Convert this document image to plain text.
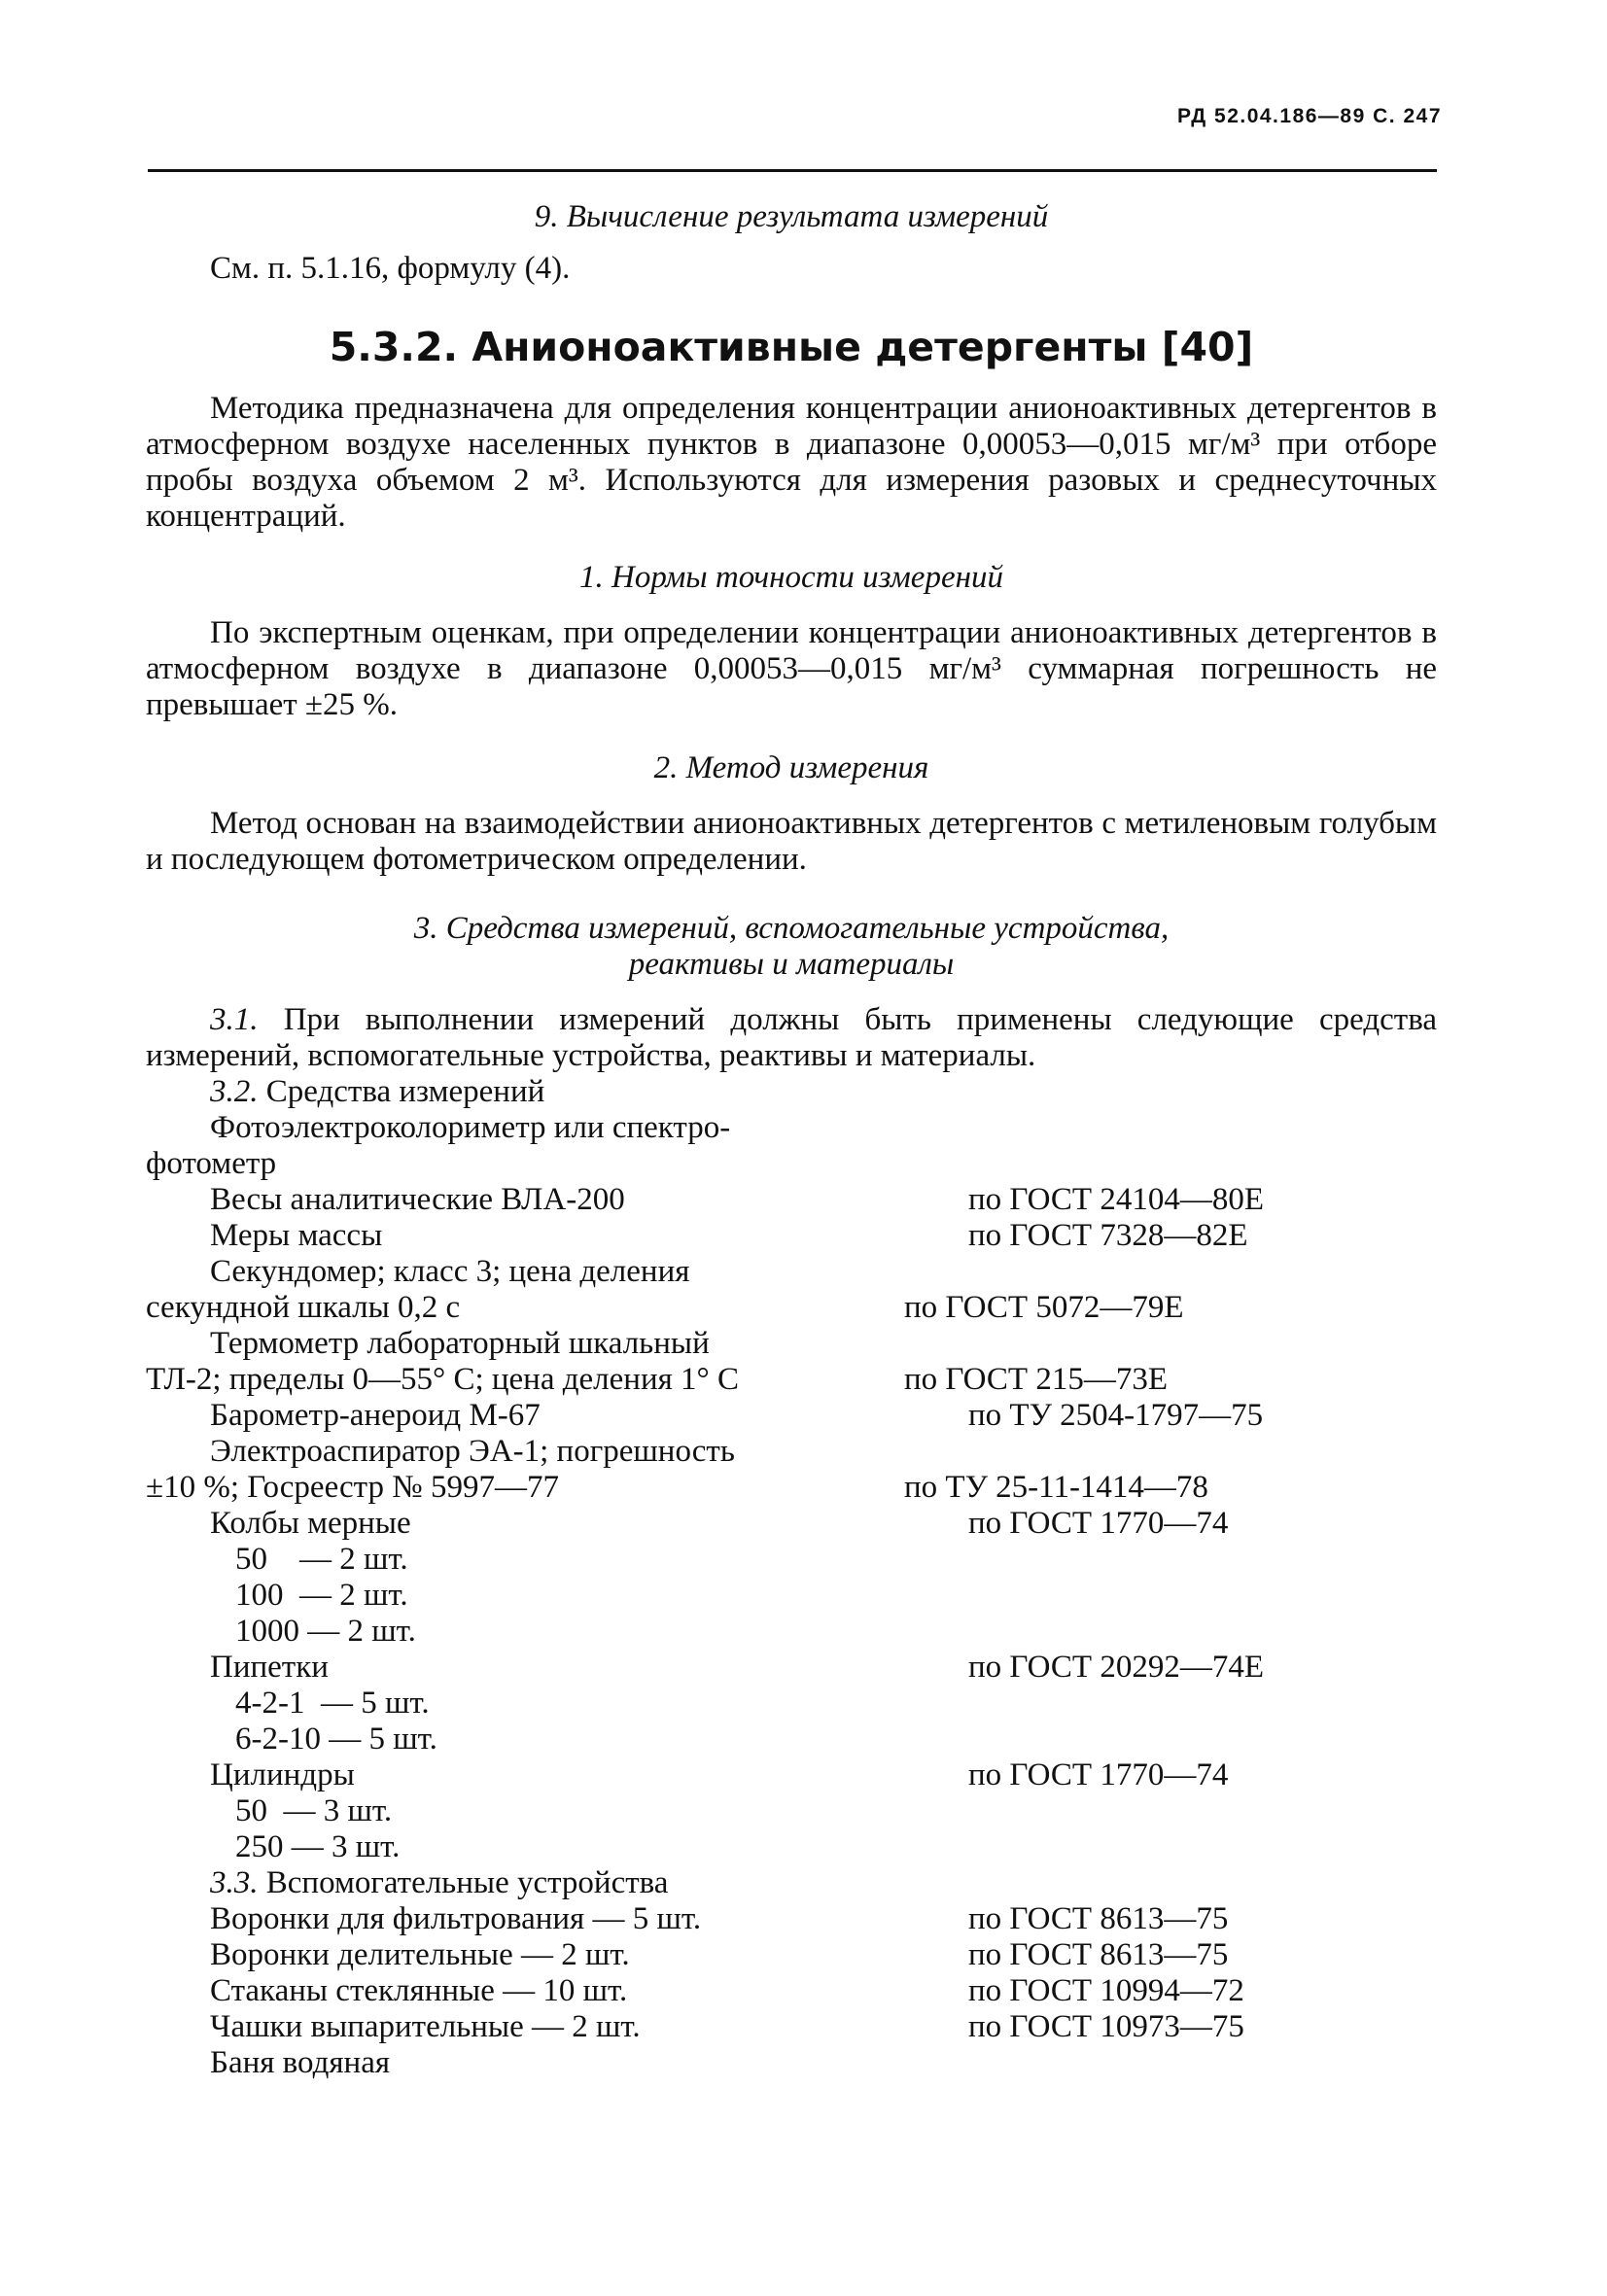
РД 52.04.186—89 С. 247

9. Вычисление результата измерений

См. п. 5.1.16, формулу (4).

5.3.2. Анионоактивные детергенты [40]

Методика предназначена для определения концентрации анионоактивных детергентов в атмосферном воздухе населенных пунктов в диапазоне 0,00053—0,015 мг/м³ при отборе пробы воздуха объемом 2 м³. Используются для измерения разовых и среднесуточных концентраций.

1. Нормы точности измерений

По экспертным оценкам, при определении концентрации анионоактивных детергентов в атмосферном воздухе в диапазоне 0,00053—0,015 мг/м³ суммарная погрешность не превышает ±25 %.

2. Метод измерения

Метод основан на взаимодействии анионоактивных детергентов с метиленовым голубым и последующем фотометрическом определении.

3. Средства измерений, вспомогательные устройства,

реактивы и материалы

3.1. При выполнении измерений должны быть применены следующие средства измерений, вспомогательные устройства, реактивы и материалы.

3.2. Средства измерений

Фотоэлектроколориметр или спектро-
фотометр
Весы аналитические ВЛА-200	по ГОСТ 24104—80Е
Меры массы	по ГОСТ 7328—82Е
Секундомер; класс 3; цена деления
секундной шкалы 0,2 с	по ГОСТ 5072—79Е
Термометр лабораторный шкальный
ТЛ-2; пределы 0—55° С; цена деления 1° С	по ГОСТ 215—73Е
Барометр-анероид М-67	по ТУ 2504-1797—75
Электроаспиратор ЭА-1; погрешность
±10 %; Госреестр № 5997—77	по ТУ 25-11-1414—78
Колбы мерные	по ГОСТ 1770—74
50    — 2 шт.
100  — 2 шт.
1000 — 2 шт.
Пипетки	по ГОСТ 20292—74Е
4-2-1  — 5 шт.
6-2-10 — 5 шт.
Цилиндры	по ГОСТ 1770—74
50  — 3 шт.
250 — 3 шт.

3.3. Вспомогательные устройства

Воронки для фильтрования — 5 шт.	по ГОСТ 8613—75
Воронки делительные — 2 шт.	по ГОСТ 8613—75
Стаканы стеклянные — 10 шт.	по ГОСТ 10994—72
Чашки выпарительные — 2 шт.	по ГОСТ 10973—75
Баня водяная
